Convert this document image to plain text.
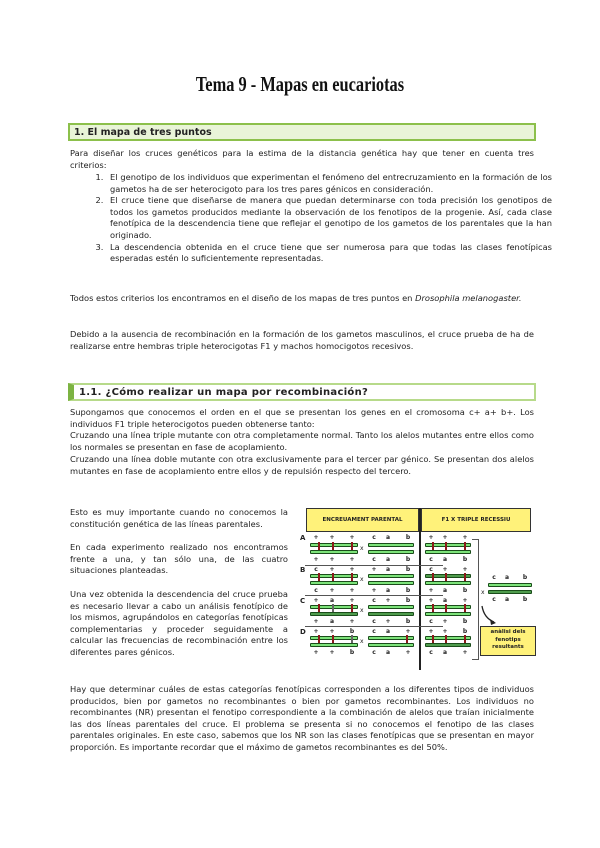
Tema 9 - Mapas en eucariotas
1. El mapa de tres puntos
Para diseñar los cruces genéticos para la estima de la distancia genética hay que tener en cuenta tres criterios:
1. El genotipo de los individuos que experimentan el fenómeno del entrecruzamiento en la formación de los gametos ha de ser heterocigoto para los tres pares génicos en consideración.
2. El cruce tiene que diseñarse de manera que puedan determinarse con toda precisión los genotipos de todos los gametos producidos mediante la observación de los fenotipos de la progenie. Así, cada clase fenotípica de la descendencia tiene que reflejar el genotipo de los gametos de los parentales que la han originado.
3. La descendencia obtenida en el cruce tiene que ser numerosa para que todas las clases fenotípicas esperadas estén lo suficientemente representadas.
Todos estos criterios los encontramos en el diseño de los mapas de tres puntos en Drosophila melanogaster.
Debido a la ausencia de recombinación en la formación de los gametos masculinos, el cruce prueba de ha de realizarse entre hembras triple heterocigotas F1 y machos homocigotos recesivos.
1.1. ¿Cómo realizar un mapa por recombinación?
Supongamos que conocemos el orden en el que se presentan los genes en el cromosoma c+ a+ b+. Los individuos F1 triple heterocigotos pueden obtenerse tanto:
Cruzando una línea triple mutante con otra completamente normal. Tanto los alelos mutantes entre ellos como los normales se presentan en fase de acoplamiento.
Cruzando una línea doble mutante con otra exclusivamente para el tercer par génico. Se presentan dos alelos mutantes en fase de acoplamiento entre ellos y de repulsión respecto del tercero.
Esto es muy importante cuando no conocemos la constitución genética de las líneas parentales.
En cada experimento realizado nos encontramos frente a una, y tan sólo una, de las cuatro situaciones planteadas.
Una vez obtenida la descendencia del cruce prueba es necesario llevar a cabo un análisis fenotípico de los mismos, agrupándolos en categorías fenotípicas complementarias y proceder seguidamente a calcular las frecuencias de recombinación entre los diferentes pares génicos.
Hay que determinar cuáles de estas categorías fenotípicas corresponden a los diferentes tipos de individuos producidos, bien por gametos no recombinantes o bien por gametos recombinantes. Los individuos no recombinantes (NR) presentan el fenotipo correspondiente a la combinación de alelos que traían inicialmente las dos líneas parentales del cruce. El problema se presenta si no conocemos el fenotipo de las clases parentales originales. En este caso, sabemos que los NR son las clases fenotípicas que se presentan en mayor proporción. Es importante recordar que el máximo de gametos recombinantes es del 50%.
ENCREUAMENT PARENTAL	F1 X TRIPLE RECESSIU
A + + +
+ + +
x
c	a	b
c	a	b
+ + +
c	a	b
B	c	+ +
c	+ +
x
+	a	b
+	a	b
c	+ +
+	a	b
C +	a	+
+	a	+
x
c	+	b
c	+	b
+	a	+
c	+	b
D + +	b
+ +	b
x
c	a	+
c	a	+
+ +	b
c	a	+
x
c	a	b
c	a	b
anàlisi dels
fenotips
resultants
